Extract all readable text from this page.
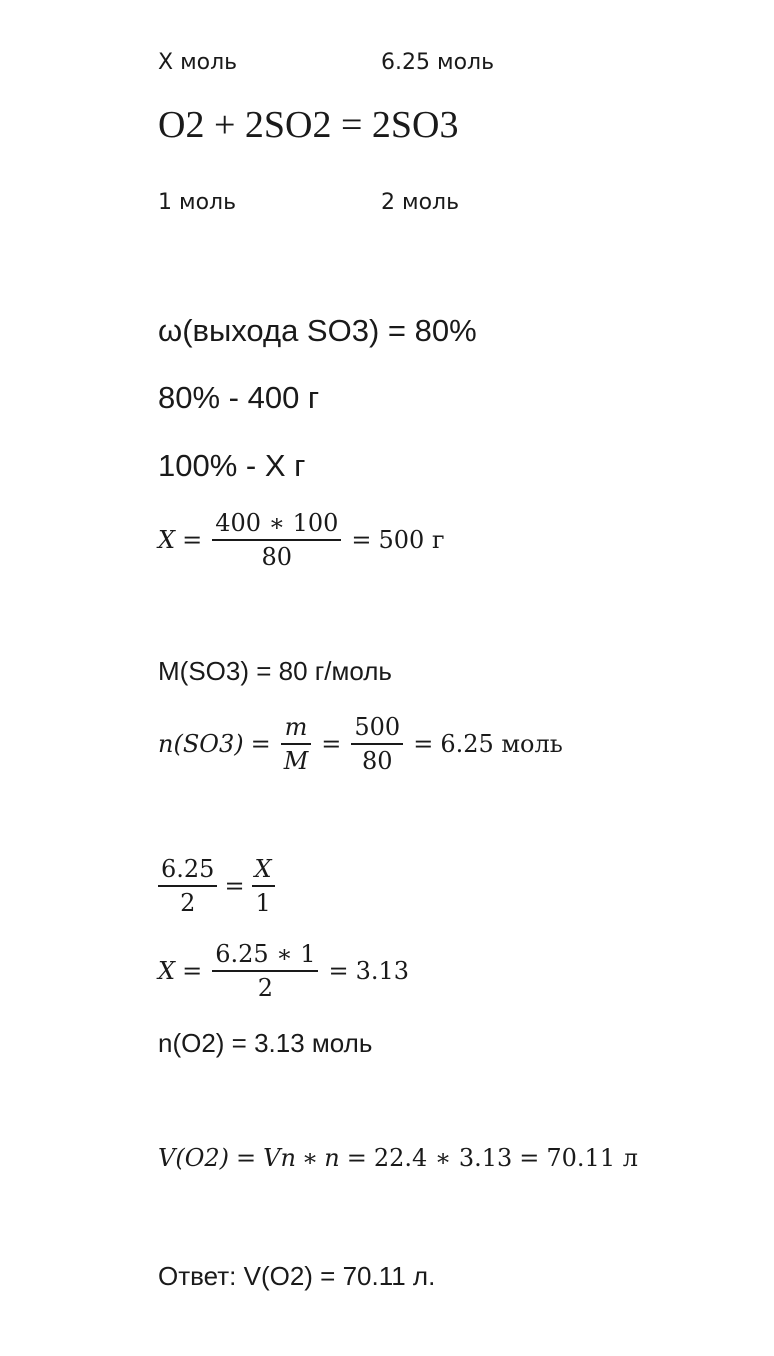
X моль	6.25 моль
O2 + 2SO2 = 2SO3
1 моль	2 моль
ω(выхода SO3) = 80%
80% - 400 г
100% - X г
$X = \frac{400 ∗ 100}{80} = 500$ г
M(SO3) = 80 г/моль
n $(SO3) = \frac{m}{M} = \frac{500}{80} = 6.25$ моль
$\frac{6.25}{2} = \frac{X}{1}$
$X = \frac{6.25 ∗ 1}{2} = 3.13$
n(O2) = 3.13 моль
V(O2) = Vn ∗ n = 22.4 ∗ 3.13 = 70.11 л
Ответ: V(O2) = 70.11 л.
